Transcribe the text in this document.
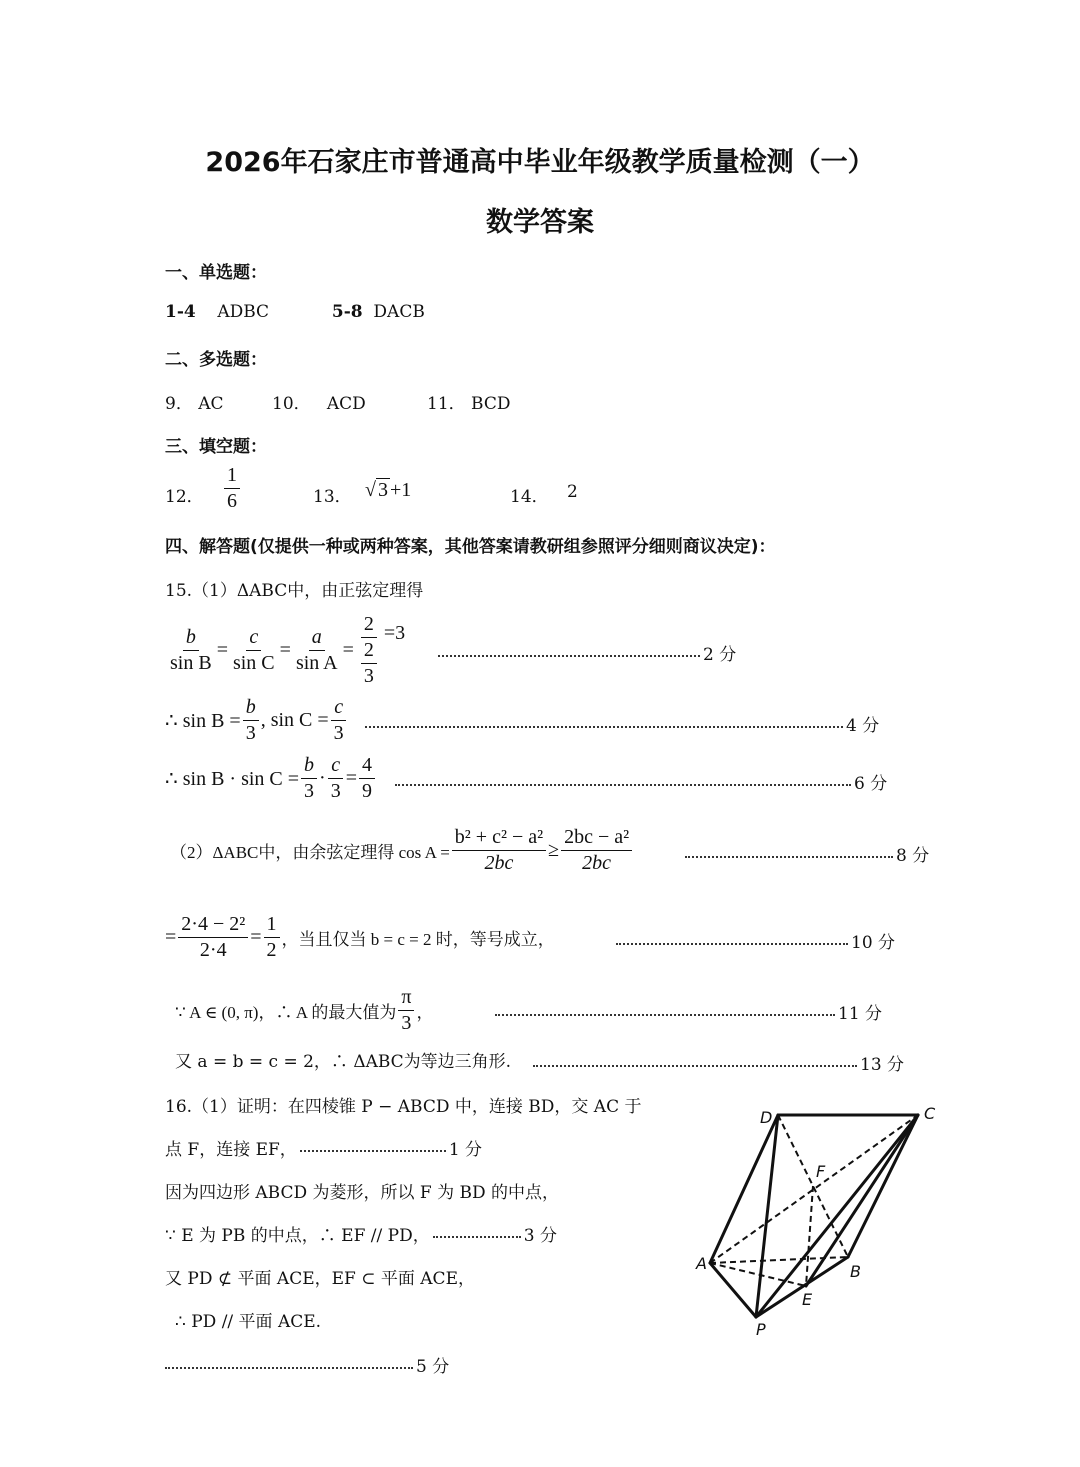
2026年石家庄市普通高中毕业年级教学质量检测（一）
数学答案
一、单选题：
1-4 ADBC	5-8 DACB
二、多选题：
9． AC	10． ACD	11． BCD
三、填空题：
12． $\frac{1}{6}$	13． √ 3 +1	14． 2
四、解答题(仅提供一种或两种答案，其他答案请教研组参照评分细则商议决定)：
15.（1）ΔABC中，由正弦定理得
$\frac{b}{\text{sin B}} = \frac{c}{\text{sin C}} = \frac{a}{\text{sin A}} = \frac{2}{\frac{2}{3}} =3$
2 分
∴ $\sin B = \frac{b}{3}$ , $\sin C = \frac{c}{3}$	4 分
∴ $\sin B \cdot \sin C = \frac{b}{3} \cdot \frac{c}{3} = \frac{4}{9}$	6 分
（2）ΔABC中，由余弦定理得 $\cos A = \frac{\text{b² + c² − a²}}{2bc} \ge \frac{\text{2bc − a²}}{2bc}$	8 分
= $\frac{\text{2·4 − 2²}}{2\cdot 4} = \frac{1}{2}$ ，当且仅当 b = c = 2 时，等号成立，	10 分
∵ A ∈ (0, π)，∴ A 的最大值为 $\frac{\pi}{3}$ ，	11 分
又 a = b = c = 2，∴ ΔABC为等边三角形.	13 分
16.（1）证明：在四棱锥 P − ABCD 中，连接 BD，交 AC 于
点 F，连接 EF，	1 分
因为四边形 ABCD 为菱形，所以 F 为 BD 的中点，
∵ E 为 PB 的中点，∴ EF // PD，	3 分
又 PD ⊄ 平面 ACE，EF ⊂ 平面 ACE，
∴ PD // 平面 ACE.
5 分
D	C
F
A	B
E
P
